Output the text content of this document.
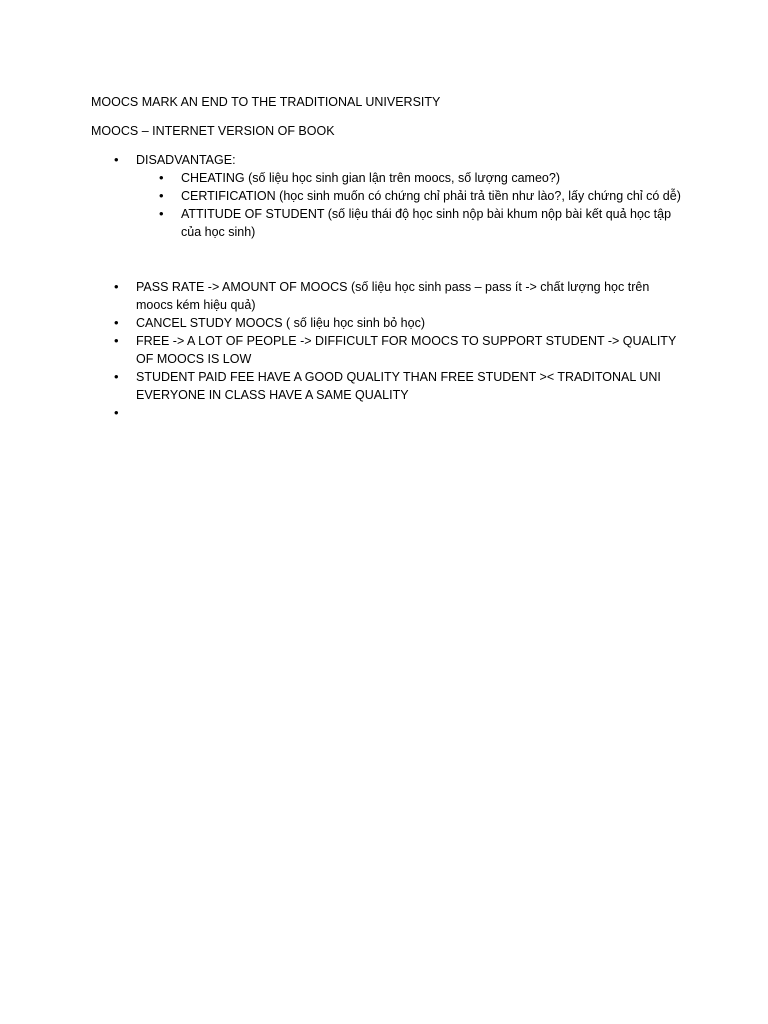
MOOCS MARK AN END TO THE TRADITIONAL UNIVERSITY
MOOCS – INTERNET VERSION OF BOOK
• DISADVANTAGE:
• CHEATING (số liệu học sinh gian lận trên moocs, số lượng cameo?)
• CERTIFICATION (học sinh muốn có chứng chỉ phải trả tiền như lào?, lấy chứng chỉ có dễ)
• ATTITUDE OF STUDENT (số liệu thái độ học sinh nộp bài khum nộp bài kết quả học tập của học sinh)
• PASS RATE -> AMOUNT OF MOOCS (số liệu học sinh pass – pass ít -> chất lượng học trên moocs kém hiệu quả)
• CANCEL STUDY MOOCS ( số liệu học sinh bỏ học)
• FREE -> A LOT OF PEOPLE -> DIFFICULT FOR MOOCS TO SUPPORT STUDENT -> QUALITY OF MOOCS IS LOW
• STUDENT PAID FEE HAVE A GOOD QUALITY THAN FREE STUDENT >< TRADITONAL UNI EVERYONE IN CLASS HAVE A SAME QUALITY
•
